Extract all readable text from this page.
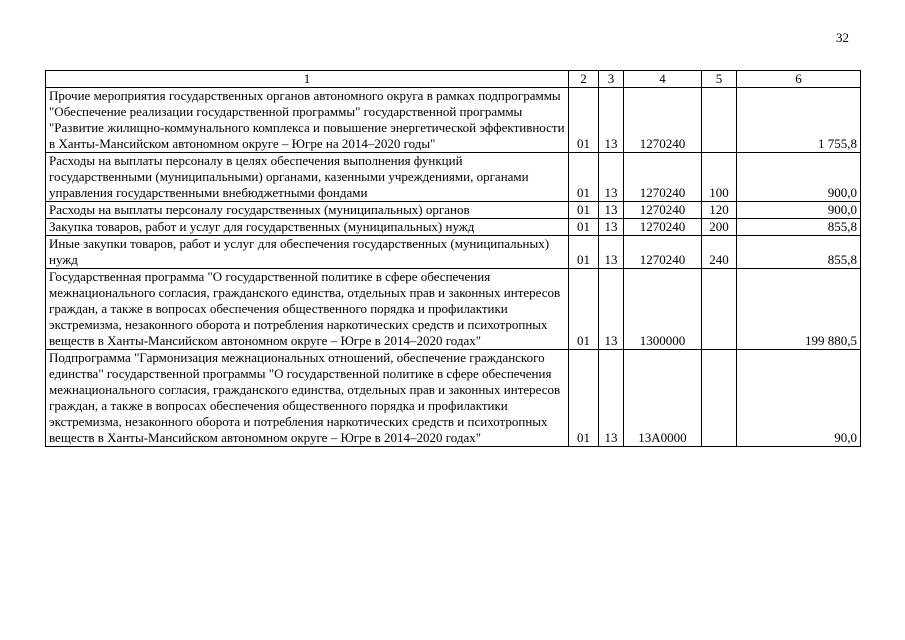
32
1	2	3	4	5	6
Прочие мероприятия государственных органов автономного округа в рамках подпрограммы "Обеспечение реализации государственной программы" государственной программы "Развитие жилищно-коммунального комплекса и повышение энергетической эффективности в Ханты-Мансийском автономном округе – Югре на 2014–2020 годы"	01	13	1270240		1 755,8
Расходы на выплаты персоналу в целях обеспечения выполнения функций государственными (муниципальными) органами, казенными учреждениями, органами управления государственными внебюджетными фондами	01	13	1270240	100	900,0
Расходы на выплаты персоналу государственных (муниципальных) органов	01	13	1270240	120	900,0
Закупка товаров, работ и услуг для государственных (муниципальных) нужд	01	13	1270240	200	855,8
Иные закупки товаров, работ и услуг для обеспечения государственных (муниципальных) нужд	01	13	1270240	240	855,8
Государственная программа "О государственной политике в сфере обеспечения межнационального согласия, гражданского единства, отдельных прав и законных интересов граждан, а также в вопросах обеспечения общественного порядка и профилактики экстремизма, незаконного оборота и потребления наркотических средств и психотропных веществ в Ханты-Мансийском автономном округе – Югре в 2014–2020 годах"	01	13	1300000		199 880,5
Подпрограмма "Гармонизация межнациональных отношений, обеспечение гражданского единства" государственной программы "О государственной политике в сфере обеспечения межнационального согласия, гражданского единства, отдельных прав и законных интересов граждан, а также в вопросах обеспечения общественного порядка и профилактики экстремизма, незаконного оборота и потребления наркотических средств и психотропных веществ в Ханты-Мансийском автономном округе – Югре в 2014–2020 годах"	01	13	13А0000		90,0
